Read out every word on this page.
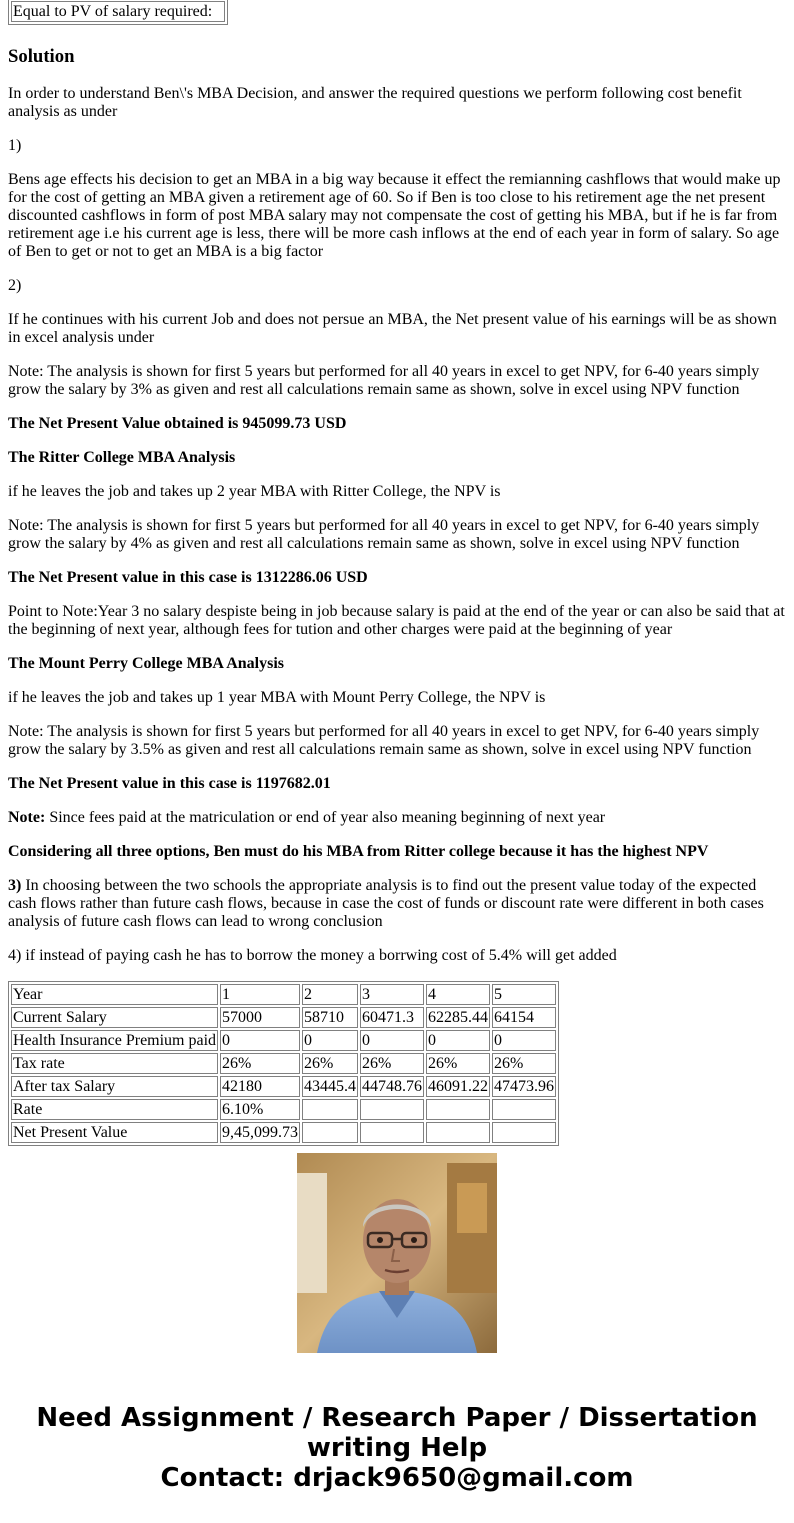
Equal to PV of salary required:
Solution

In order to understand Ben\'s MBA Decision, and answer the required questions we perform following cost benefit analysis as under

1)

Bens age effects his decision to get an MBA in a big way because it effect the remianning cashflows that would make up for the cost of getting an MBA given a retirement age of 60. So if Ben is too close to his retirement age the net present discounted cashflows in form of post MBA salary may not compensate the cost of getting his MBA, but if he is far from retirement age i.e his current age is less, there will be more cash inflows at the end of each year in form of salary. So age of Ben to get or not to get an MBA is a big factor

2)

If he continues with his current Job and does not persue an MBA, the Net present value of his earnings will be as shown in excel analysis under

Note: The analysis is shown for first 5 years but performed for all 40 years in excel to get NPV, for 6-40 years simply grow the salary by 3% as given and rest all calculations remain same as shown, solve in excel using NPV function

The Net Present Value obtained is 945099.73 USD

The Ritter College MBA Analysis

if he leaves the job and takes up 2 year MBA with Ritter College, the NPV is

Note: The analysis is shown for first 5 years but performed for all 40 years in excel to get NPV, for 6-40 years simply grow the salary by 4% as given and rest all calculations remain same as shown, solve in excel using NPV function

The Net Present value in this case is 1312286.06 USD

Point to Note:Year 3 no salary despiste being in job because salary is paid at the end of the year or can also be said that at the beginning of next year, although fees for tution and other charges were paid at the beginning of year

The Mount Perry College MBA Analysis

if he leaves the job and takes up 1 year MBA with Mount Perry College, the NPV is

Note: The analysis is shown for first 5 years but performed for all 40 years in excel to get NPV, for 6-40 years simply grow the salary by 3.5% as given and rest all calculations remain same as shown, solve in excel using NPV function

The Net Present value in this case is 1197682.01

Note: Since fees paid at the matriculation or end of year also meaning beginning of next year

Considering all three options, Ben must do his MBA from Ritter college because it has the highest NPV

3) In choosing between the two schools the appropriate analysis is to find out the present value today of the expected cash flows rather than future cash flows, because in case the cost of funds or discount rate were different in both cases analysis of future cash flows can lead to wrong conclusion

4) if instead of paying cash he has to borrow the money a borrwing cost of 5.4% will get added

Year	1	2	3	4	5
Current Salary	57000	58710	60471.3	62285.44	64154
Health Insurance Premium paid	0	0	0	0	0
Tax rate	26%	26%	26%	26%	26%
After tax Salary	42180	43445.4	44748.76	46091.22	47473.96
Rate	6.10%				
Net Present Value	9,45,099.73				
Need Assignment / Research Paper / Dissertation
writing Help
Contact: drjack9650@gmail.com
